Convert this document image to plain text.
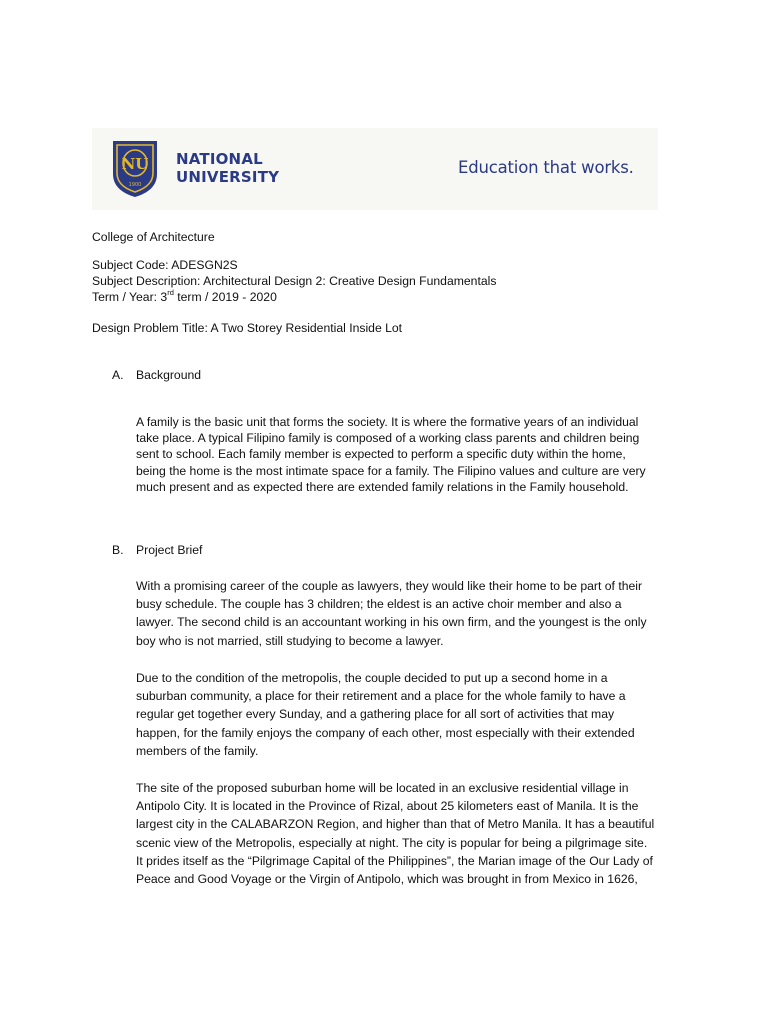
NU
1900
NATIONAL
UNIVERSITY	Education that works.
College of Architecture
Subject Code: ADESGN2S
Subject Description: Architectural Design 2: Creative Design Fundamentals
Term / Year: 3rd term / 2019 - 2020
Design Problem Title: A Two Storey Residential Inside Lot
A. Background
A family is the basic unit that forms the society. It is where the formative years of an individual
take place. A typical Filipino family is composed of a working class parents and children being
sent to school. Each family member is expected to perform a specific duty within the home,
being the home is the most intimate space for a family. The Filipino values and culture are very
much present and as expected there are extended family relations in the Family household.
B. Project Brief
With a promising career of the couple as lawyers, they would like their home to be part of their
busy schedule. The couple has 3 children; the eldest is an active choir member and also a
lawyer. The second child is an accountant working in his own firm, and the youngest is the only
boy who is not married, still studying to become a lawyer.
Due to the condition of the metropolis, the couple decided to put up a second home in a
suburban community, a place for their retirement and a place for the whole family to have a
regular get together every Sunday, and a gathering place for all sort of activities that may
happen, for the family enjoys the company of each other, most especially with their extended
members of the family.
The site of the proposed suburban home will be located in an exclusive residential village in
Antipolo City. It is located in the Province of Rizal, about 25 kilometers east of Manila. It is the
largest city in the CALABARZON Region, and higher than that of Metro Manila. It has a beautiful
scenic view of the Metropolis, especially at night. The city is popular for being a pilgrimage site.
It prides itself as the “Pilgrimage Capital of the Philippines”, the Marian image of the Our Lady of
Peace and Good Voyage or the Virgin of Antipolo, which was brought in from Mexico in 1626,
